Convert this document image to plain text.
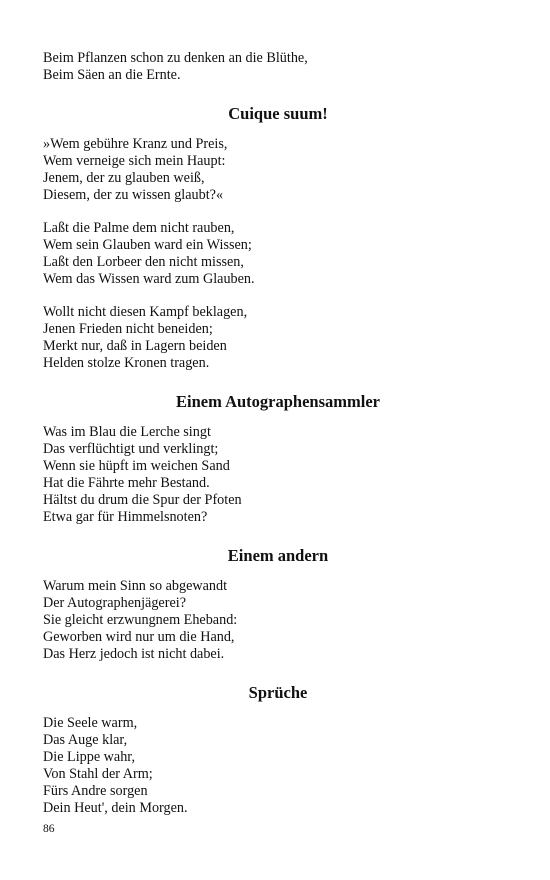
Beim Pflanzen schon zu denken an die Blüthe,

Beim Säen an die Ernte.

Cuique suum!

»Wem gebühre Kranz und Preis,

Wem verneige sich mein Haupt:

Jenem, der zu glauben weiß,

Diesem, der zu wissen glaubt?«

Laßt die Palme dem nicht rauben,

Wem sein Glauben ward ein Wissen;

Laßt den Lorbeer den nicht missen,

Wem das Wissen ward zum Glauben.

Wollt nicht diesen Kampf beklagen,

Jenen Frieden nicht beneiden;

Merkt nur, daß in Lagern beiden

Helden stolze Kronen tragen.

Einem Autographensammler

Was im Blau die Lerche singt

Das verflüchtigt und verklingt;

Wenn sie hüpft im weichen Sand

Hat die Fährte mehr Bestand.

Hältst du drum die Spur der Pfoten

Etwa gar für Himmelsnoten?

Einem andern

Warum mein Sinn so abgewandt

Der Autographenjägerei?

Sie gleicht erzwungnem Eheband:

Geworben wird nur um die Hand,

Das Herz jedoch ist nicht dabei.

Sprüche

Die Seele warm,

Das Auge klar,

Die Lippe wahr,

Von Stahl der Arm;

Fürs Andre sorgen

Dein Heut', dein Morgen.

86
